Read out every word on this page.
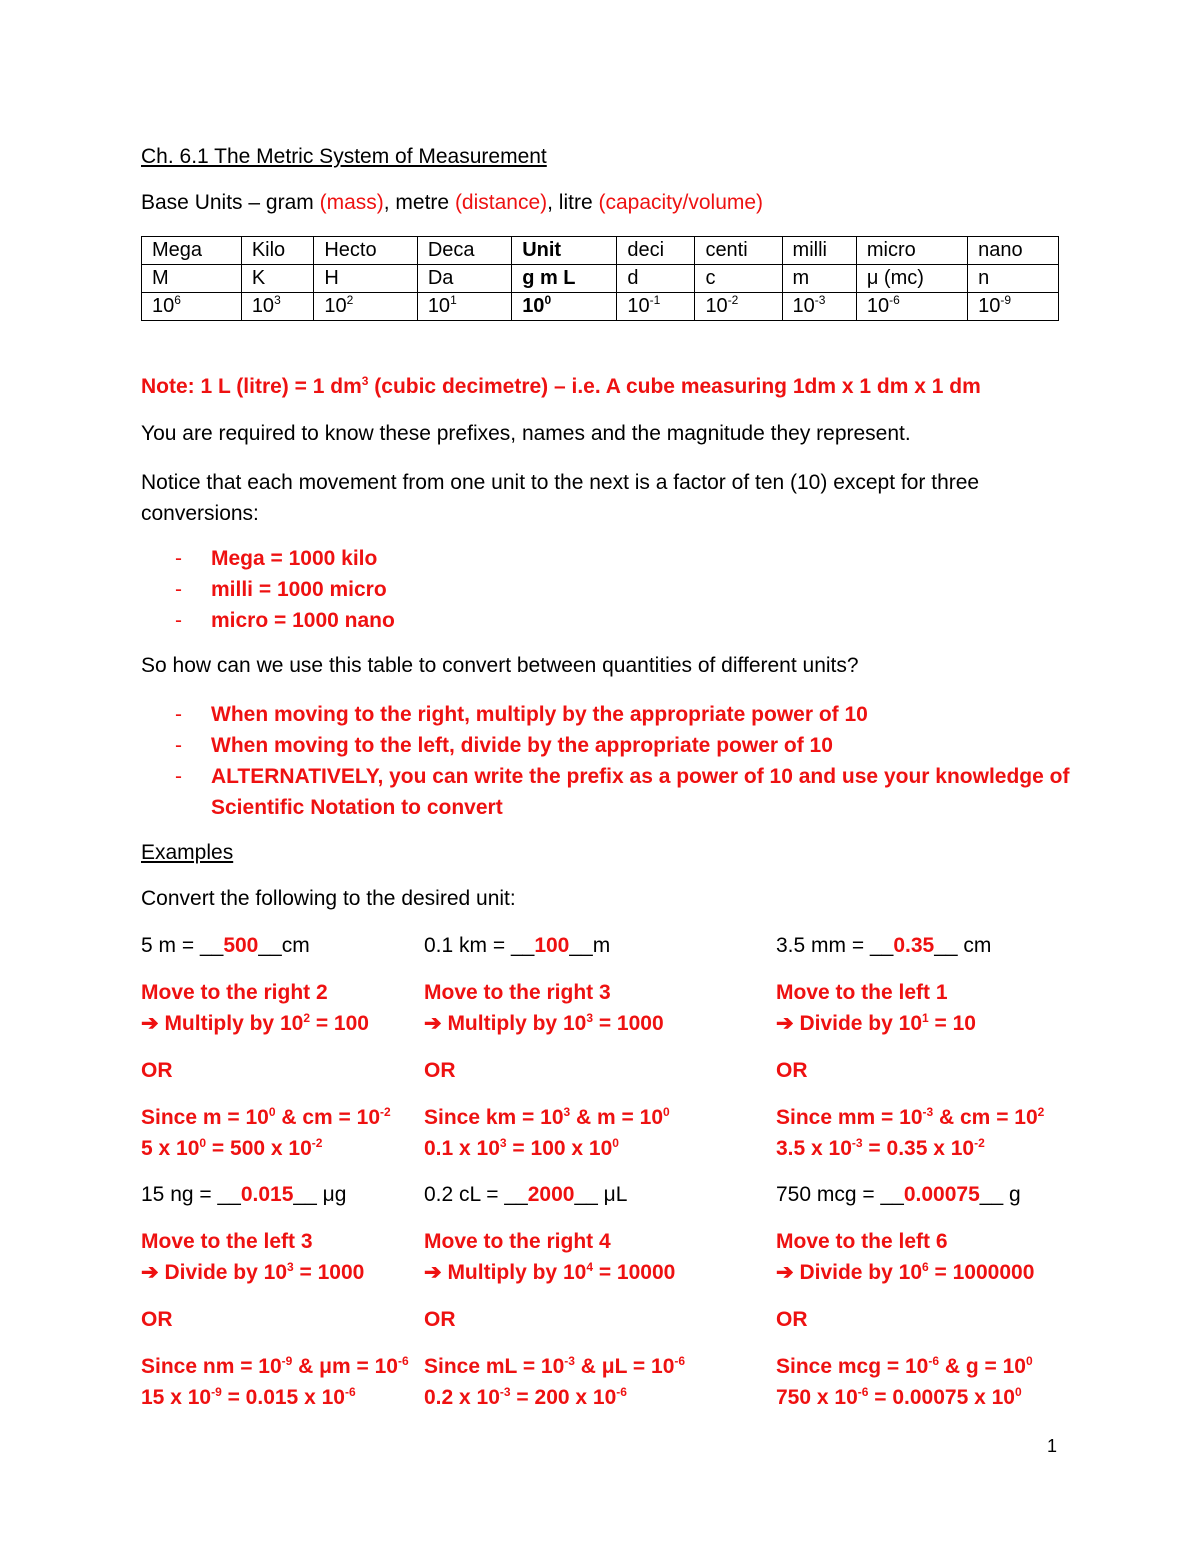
Ch. 6.1 The Metric System of Measurement
Base Units – gram (mass), metre (distance), litre (capacity/volume)
Mega	Kilo	Hecto	Deca	Unit	deci	centi	milli	micro	nano
M	K	H	Da	g m L	d	c	m	μ (mc)	n
$10^6$	$10^3$	$10^2$	$10^1$	$10^0$	$10^{-1}$	$10^{-2}$	$10^{-3}$	$10^{-6}$	$10^{-9}$
Note: 1 L (litre) = 1 $dm^3$ (cubic decimetre) – i.e. A cube measuring 1dm x 1 dm x 1 dm
You are required to know these prefixes, names and the magnitude they represent.
Notice that each movement from one unit to the next is a factor of ten (10) except for three conversions:
- Mega = 1000 kilo
- milli = 1000 micro
- micro = 1000 nano
So how can we use this table to convert between quantities of different units?
- When moving to the right, multiply by the appropriate power of 10
- When moving to the left, divide by the appropriate power of 10
- ALTERNATIVELY, you can write the prefix as a power of 10 and use your knowledge of Scientific Notation to convert
Examples
Convert the following to the desired unit:
5 m = __500__cm
Move to the right 2
➔ Multiply by $10^2 = 100$
OR
Since $m = 10^0$ & cm = $10^{-2}$
5 x $10^0 = 500$ x $10^{-2}$
0.1 km = __100__m
Move to the right 3
➔ Multiply by $10^3 = 1000$
OR
Since km = $10^3$ & $m = 10^0$
0.1 x $10^3 = 100$ x $10^0$
3.5 mm = __0.35__ cm
Move to the left 1
➔ Divide by $10^1 = 10$
OR
Since mm = $10^{-3}$ & cm = $10^2$
3.5 x $10^{-3} = 0.35$ x $10^{-2}$
15 ng = __0.015__ μg
Move to the left 3
➔ Divide by $10^3 = 1000$
OR
Since nm = $10^{-9}$ & $\mu m = 10^{-6}$
15 x $10^{-9} = 0.015$ x $10^{-6}$
0.2 cL = __2000__ μL
Move to the right 4
➔ Multiply by $10^4 = 10000$
OR
Since mL = $10^{-3}$ & $\mu L = 10^{-6}$
0.2 x $10^{-3} = 200$ x $10^{-6}$
750 mcg = __0.00075__ g
Move to the left 6
➔ Divide by $10^6 = 1000000$
OR
Since mcg = $10^{-6}$ & $g = 10^0$
750 x $10^{-6} = 0.00075$ x $10^0$
1
